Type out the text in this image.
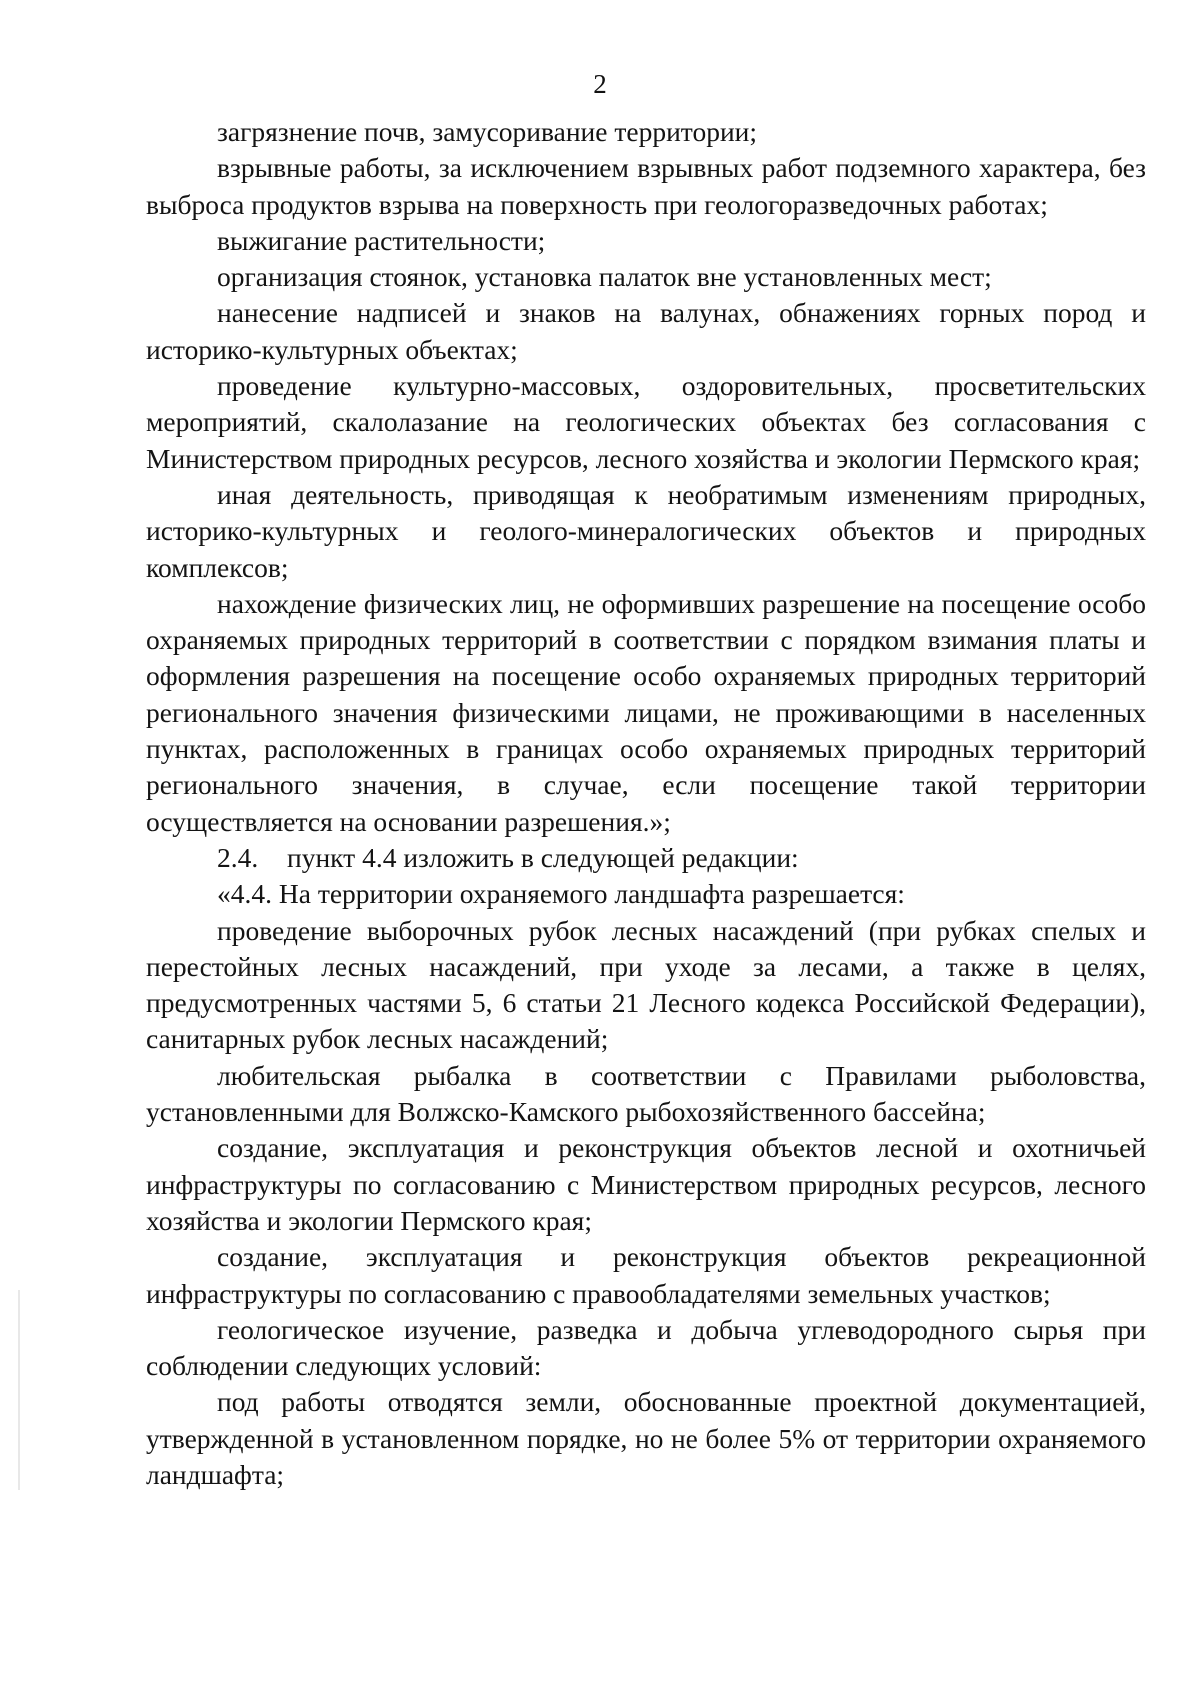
2

загрязнение почв, замусоривание территории;

взрывные работы, за исключением взрывных работ подземного характера, без выброса продуктов взрыва на поверхность при геологоразведочных работах;

выжигание растительности;

организация стоянок, установка палаток вне установленных мест;

нанесение надписей и знаков на валунах, обнажениях горных пород и историко-культурных объектах;

проведение культурно-массовых, оздоровительных, просветительских мероприятий, скалолазание на геологических объектах без согласования с Министерством природных ресурсов, лесного хозяйства и экологии Пермского края;

иная деятельность, приводящая к необратимым изменениям природных, историко-культурных и геолого-минералогических объектов и природных комплексов;

нахождение физических лиц, не оформивших разрешение на посещение особо охраняемых природных территорий в соответствии с порядком взимания платы и оформления разрешения на посещение особо охраняемых природных территорий регионального значения физическими лицами, не проживающими в населенных пунктах, расположенных в границах особо охраняемых природных территорий регионального значения, в случае, если посещение такой территории осуществляется на основании разрешения.»;

2.4. пункт 4.4 изложить в следующей редакции:

«4.4. На территории охраняемого ландшафта разрешается:

проведение выборочных рубок лесных насаждений (при рубках спелых и перестойных лесных насаждений, при уходе за лесами, а также в целях, предусмотренных частями 5, 6 статьи 21 Лесного кодекса Российской Федерации), санитарных рубок лесных насаждений;

любительская рыбалка в соответствии с Правилами рыболовства, установленными для Волжско-Камского рыбохозяйственного бассейна;

создание, эксплуатация и реконструкция объектов лесной и охотничьей инфраструктуры по согласованию с Министерством природных ресурсов, лесного хозяйства и экологии Пермского края;

создание, эксплуатация и реконструкция объектов рекреационной инфраструктуры по согласованию с правообладателями земельных участков;

геологическое изучение, разведка и добыча углеводородного сырья при соблюдении следующих условий:

под работы отводятся земли, обоснованные проектной документацией, утвержденной в установленном порядке, но не более 5% от территории охраняемого ландшафта;
